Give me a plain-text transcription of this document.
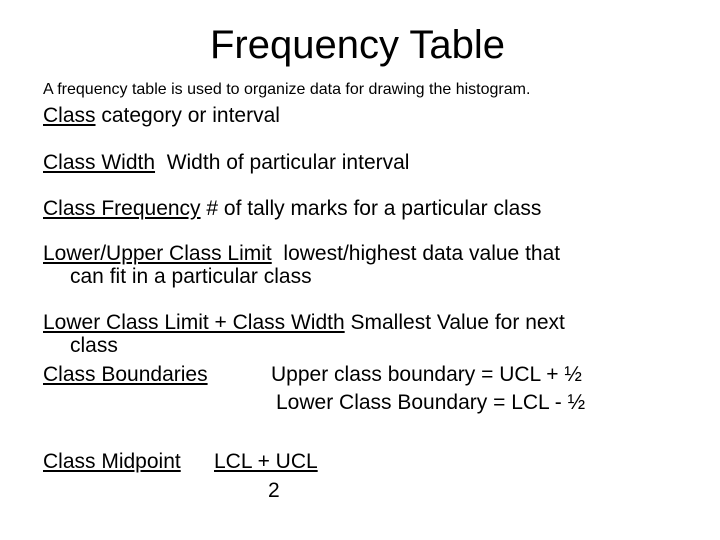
Frequency Table
A frequency table is used to organize data for drawing the histogram.
Class category or interval
Class Width  Width of particular interval
Class Frequency # of tally marks for a particular class
Lower/Upper Class Limit  lowest/highest data value that
can fit in a particular class
Lower Class Limit + Class Width Smallest Value for next
class
Class Boundaries	Upper class boundary = UCL + ½
Lower Class Boundary = LCL - ½
Class Midpoint LCL + UCL
2
